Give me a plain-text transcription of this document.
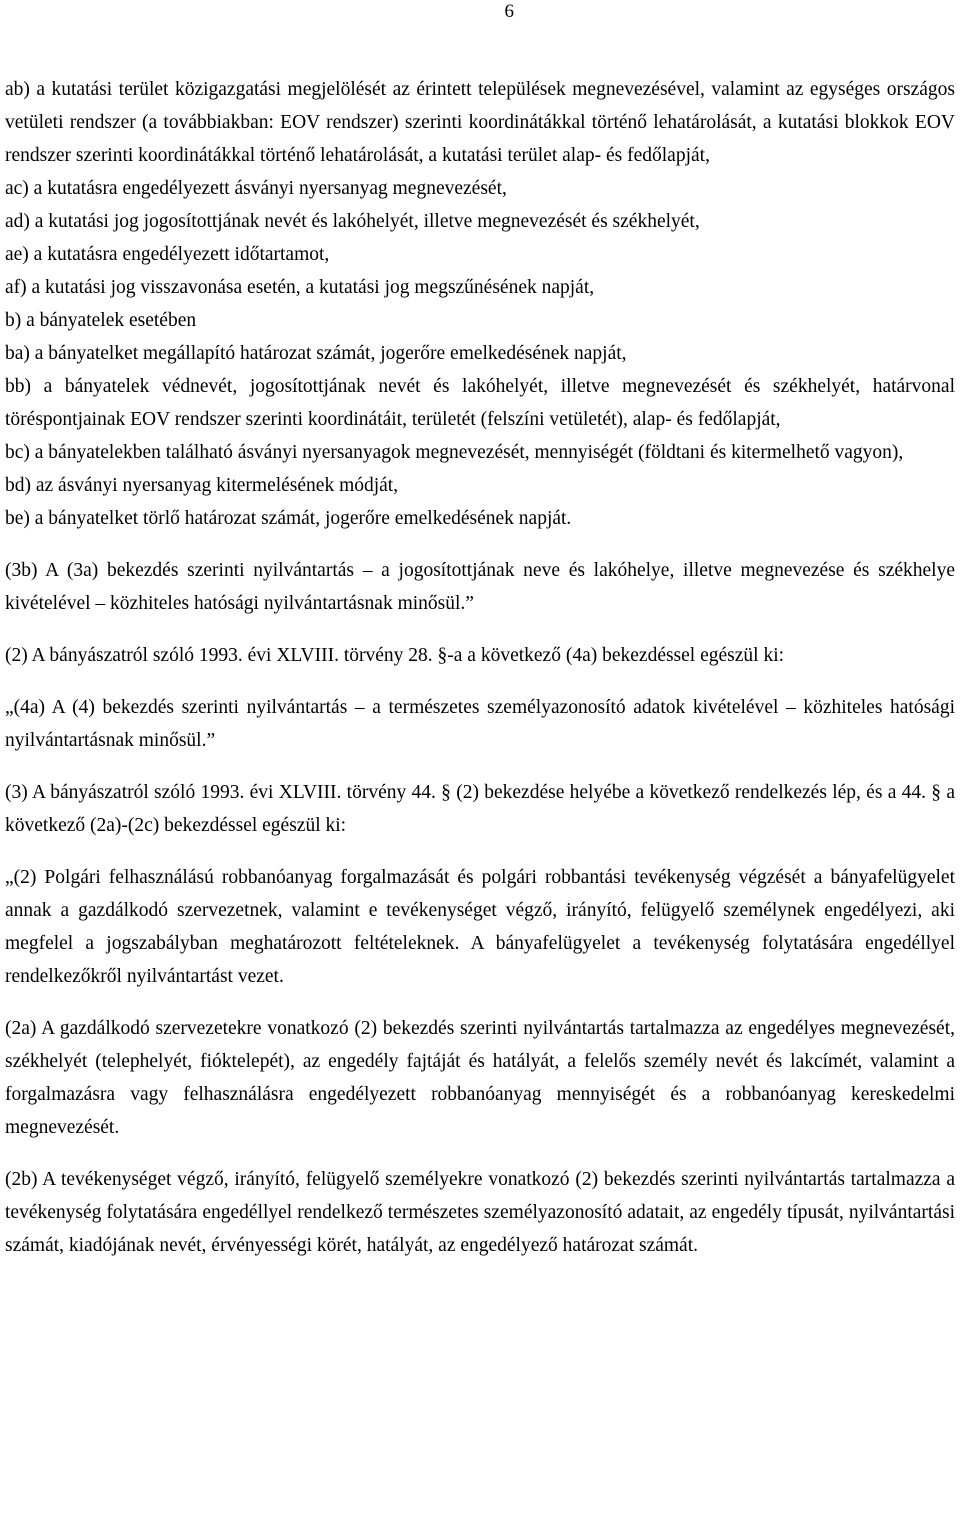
6

ab) a kutatási terület közigazgatási megjelölését az érintett települések megnevezésével, valamint az egységes országos vetületi rendszer (a továbbiakban: EOV rendszer) szerinti koordinátákkal történő lehatárolását, a kutatási blokkok EOV rendszer szerinti koordinátákkal történő lehatárolását, a kutatási terület alap- és fedőlapját,

ac) a kutatásra engedélyezett ásványi nyersanyag megnevezését,

ad) a kutatási jog jogosítottjának nevét és lakóhelyét, illetve megnevezését és székhelyét,

ae) a kutatásra engedélyezett időtartamot,

af) a kutatási jog visszavonása esetén, a kutatási jog megszűnésének napját,

b) a bányatelek esetében

ba) a bányatelket megállapító határozat számát, jogerőre emelkedésének napját,

bb) a bányatelek védnevét, jogosítottjának nevét és lakóhelyét, illetve megnevezését és székhelyét, határvonal töréspontjainak EOV rendszer szerinti koordinátáit, területét (felszíni vetületét), alap- és fedőlapját,

bc) a bányatelekben található ásványi nyersanyagok megnevezését, mennyiségét (földtani és kitermelhető vagyon),

bd) az ásványi nyersanyag kitermelésének módját,

be) a bányatelket törlő határozat számát, jogerőre emelkedésének napját.

(3b) A (3a) bekezdés szerinti nyilvántartás – a jogosítottjának neve és lakóhelye, illetve megnevezése és székhelye kivételével – közhiteles hatósági nyilvántartásnak minősül.”

(2) A bányászatról szóló 1993. évi XLVIII. törvény 28. §-a a következő (4a) bekezdéssel egészül ki:

„(4a) A (4) bekezdés szerinti nyilvántartás – a természetes személyazonosító adatok kivételével – közhiteles hatósági nyilvántartásnak minősül.”

(3) A bányászatról szóló 1993. évi XLVIII. törvény 44. § (2) bekezdése helyébe a következő rendelkezés lép, és a 44. § a következő (2a)-(2c) bekezdéssel egészül ki:

„(2) Polgári felhasználású robbanóanyag forgalmazását és polgári robbantási tevékenység végzését a bányafelügyelet annak a gazdálkodó szervezetnek, valamint e tevékenységet végző, irányító, felügyelő személynek engedélyezi, aki megfelel a jogszabályban meghatározott feltételeknek. A bányafelügyelet a tevékenység folytatására engedéllyel rendelkezőkről nyilvántartást vezet.

(2a) A gazdálkodó szervezetekre vonatkozó (2) bekezdés szerinti nyilvántartás tartalmazza az engedélyes megnevezését, székhelyét (telephelyét, fióktelepét), az engedély fajtáját és hatályát, a felelős személy nevét és lakcímét, valamint a forgalmazásra vagy felhasználásra engedélyezett robbanóanyag mennyiségét és a robbanóanyag kereskedelmi megnevezését.

(2b) A tevékenységet végző, irányító, felügyelő személyekre vonatkozó (2) bekezdés szerinti nyilvántartás tartalmazza a tevékenység folytatására engedéllyel rendelkező természetes személyazonosító adatait, az engedély típusát, nyilvántartási számát, kiadójának nevét, érvényességi körét, hatályát, az engedélyező határozat számát.
